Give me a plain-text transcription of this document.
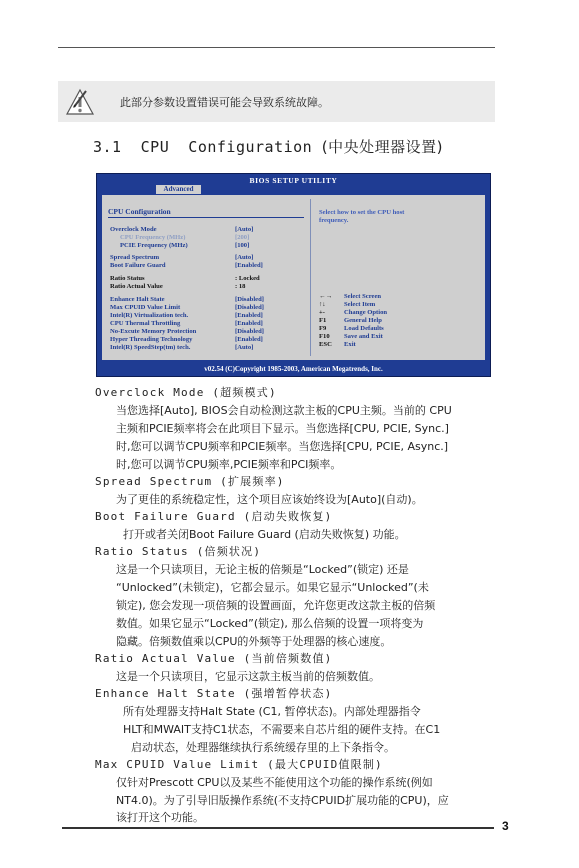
此部分参数设置错误可能会导致系统故障。
3.1  CPU  Configuration (中央处理器设置)
BIOS SETUP UTILITY
Advanced
CPU Configuration
Overclock Mode	[Auto]
CPU Frequency (MHz)	[200]
PCIE Frequency (MHz)	[100]
Spread Spectrum	[Auto]
Boot Failure Guard	[Enabled]
Ratio Status	: Locked
Ratio Actual Value	: 18
Enhance Halt State	[Disabled]
Max CPUID Value Limit	[Disabled]
Intel(R) Virtualization tech.	[Enabled]
CPU Thermal Throttling	[Enabled]
No-Excute Memory Protection	[Disabled]
Hyper Threading Technology	[Enabled]
Intel(R) SpeedStep(tm) tech.	[Auto]
Select how to set the CPU host frequency.
←→ Select Screen
↑↓	Select Item
+-	Change Option
F1	General Help
F9	Load Defaults
F10 Save and Exit
ESC Exit
v02.54 (C)Copyright 1985-2003, American Megatrends, Inc.
Overclock Mode (超频模式)
当您选择[Auto], BIOS会自动检测这款主板的CPU主频。当前的 CPU
主频和PCIE频率将会在此项目下显示。当您选择[CPU, PCIE, Sync.]
时,您可以调节CPU频率和PCIE频率。当您选择[CPU, PCIE, Async.]
时,您可以调节CPU频率,PCIE频率和PCI频率。
Spread Spectrum (扩展频率)
为了更佳的系统稳定性，这个项目应该始终设为[Auto](自动)。
Boot Failure Guard (启动失败恢复)
打开或者关闭Boot Failure Guard (启动失败恢复) 功能。
Ratio Status (倍频状况)
这是一个只读项目，无论主板的倍频是“Locked”(锁定) 还是
“Unlocked”(未锁定)，它都会显示。如果它显示“Unlocked”(未
锁定), 您会发现一项倍频的设置画面，允许您更改这款主板的倍频
数值。如果它显示“Locked”(锁定), 那么倍频的设置一项将变为
隐藏。倍频数值乘以CPU的外频等于处理器的核心速度。
Ratio Actual Value (当前倍频数值)
这是一个只读项目，它显示这款主板当前的倍频数值。
Enhance Halt State (强增暂停状态)
所有处理器支持Halt State (C1, 暂停状态)。内部处理器指令
HLT和MWAIT支持C1状态，不需要来自芯片组的硬件支持。在C1
启动状态，处理器继续执行系统缓存里的上下条指令。
Max CPUID Value Limit (最大CPUID值限制)
仅针对Prescott CPU以及某些不能使用这个功能的操作系统(例如
NT4.0)。为了引导旧版操作系统(不支持CPUID扩展功能的CPU)，应
该打开这个功能。
3
